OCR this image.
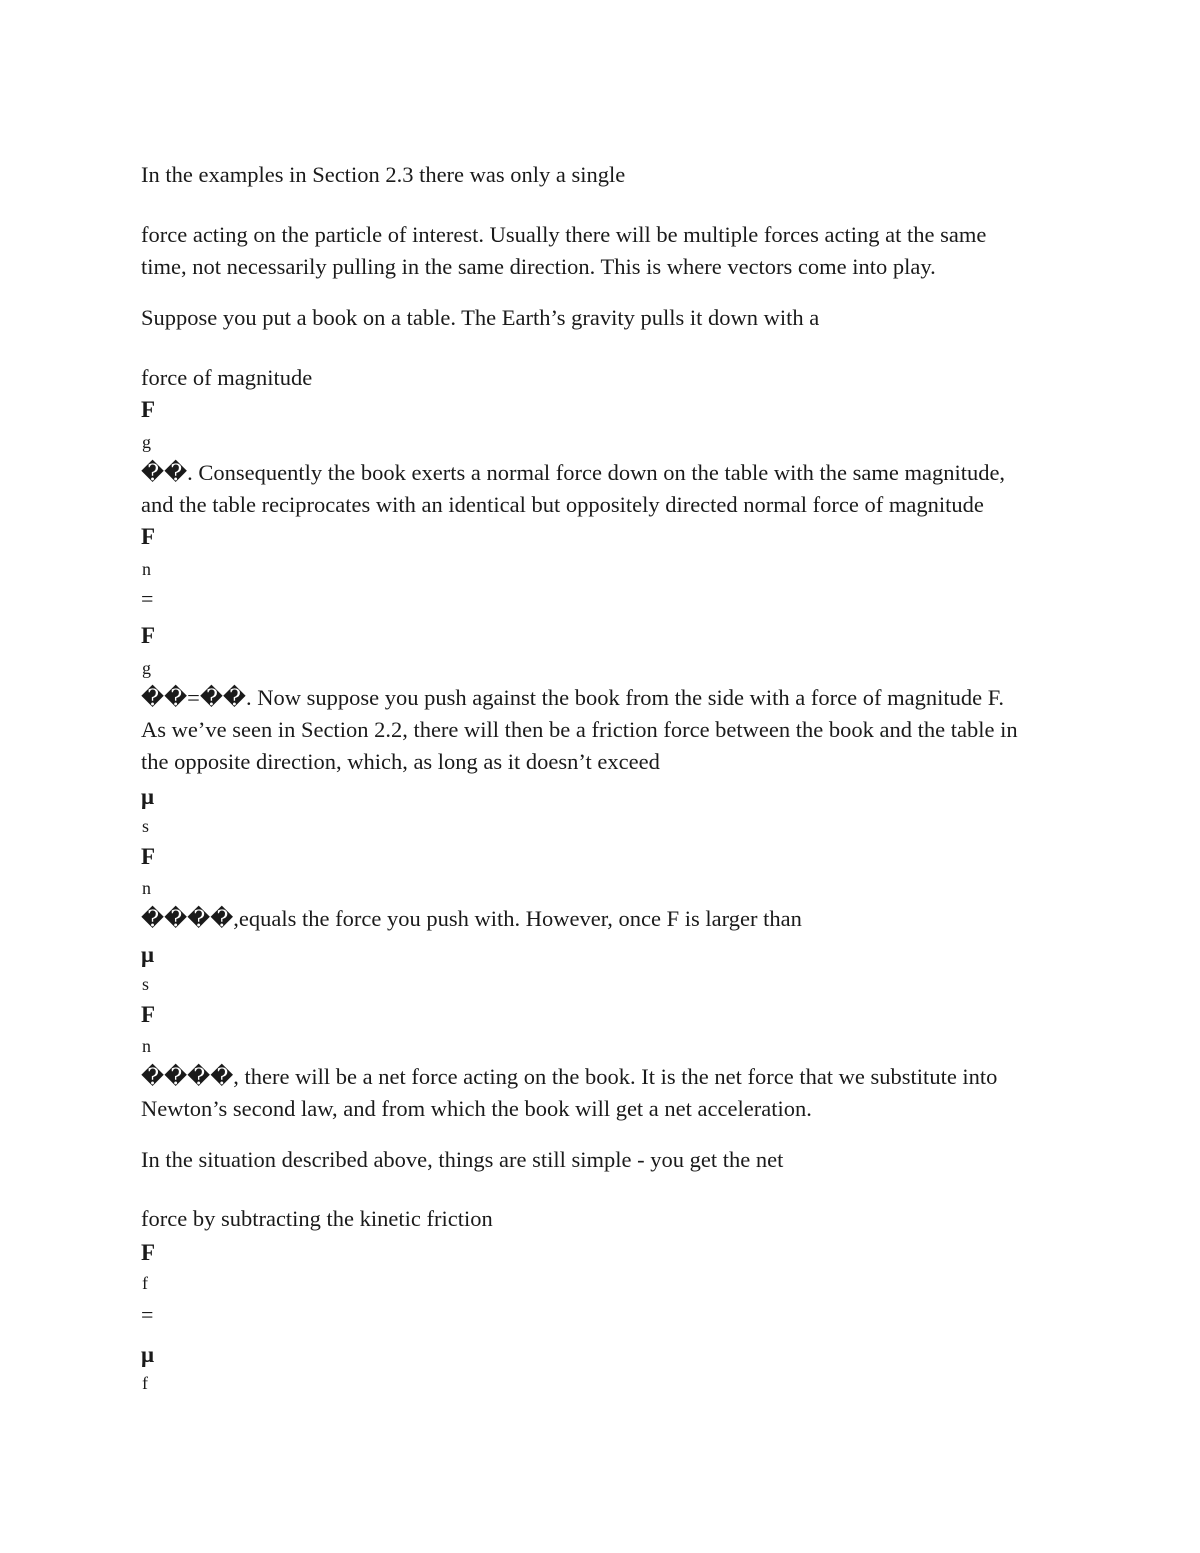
In the examples in Section 2.3 there was only a single

force acting on the particle of interest. Usually there will be multiple forces acting at the same

time, not necessarily pulling in the same direction. This is where vectors come into play.

Suppose you put a book on a table. The Earth’s gravity pulls it down with a

force of magnitude

F

g

��. Consequently the book exerts a normal force down on the table with the same magnitude,

and the table reciprocates with an identical but oppositely directed normal force of magnitude

F

n

=

F

g

��=��. Now suppose you push against the book from the side with a force of magnitude F.

As we’ve seen in Section 2.2, there will then be a friction force between the book and the table in

the opposite direction, which, as long as it doesn’t exceed

μ

s

F

n

����,equals the force you push with. However, once F is larger than

μ

s

F

n

����, there will be a net force acting on the book. It is the net force that we substitute into

Newton’s second law, and from which the book will get a net acceleration.

In the situation described above, things are still simple - you get the net

force by subtracting the kinetic friction

F

f

=

μ

f
